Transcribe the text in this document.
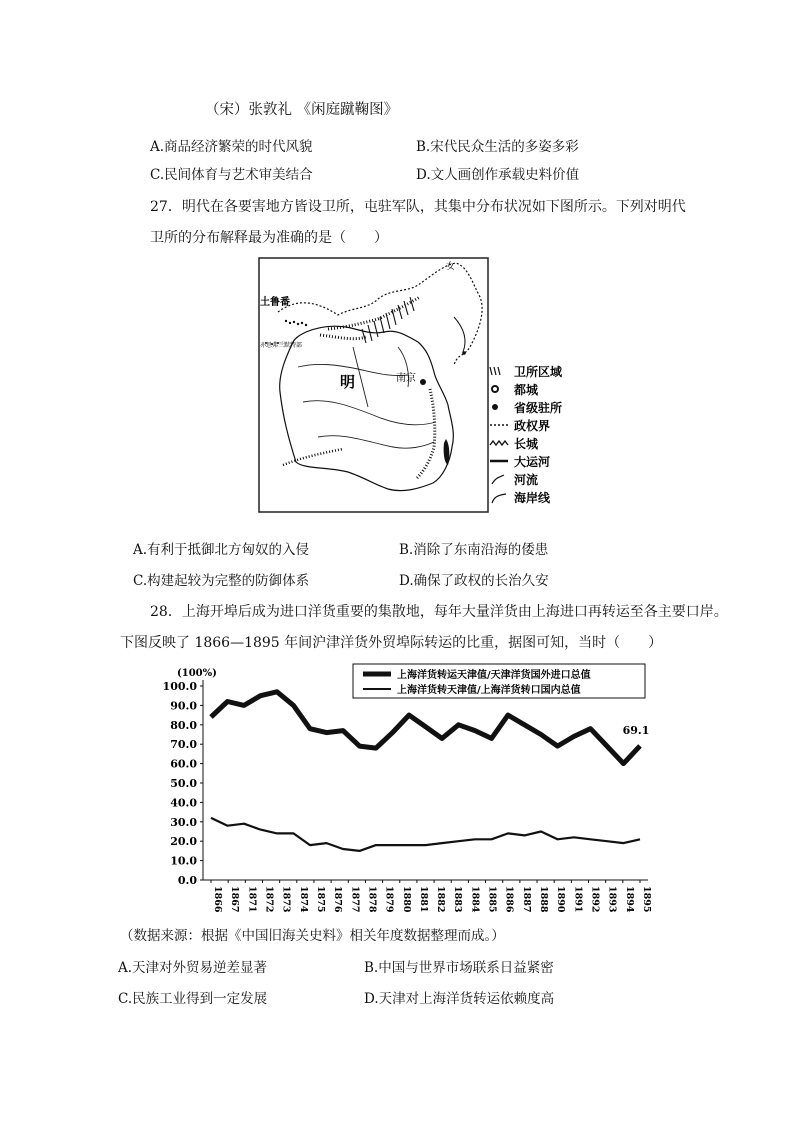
（宋）张敦礼 《闲庭蹴鞠图》
A.商品经济繁荣的时代风貌	B.宋代民众生活的多姿多彩
C.民间体育与艺术审美结合	D.文人画创作承载史料价值
27．明代在各要害地方皆设卫所，屯驻军队，其集中分布状况如下图所示。下列对明代
卫所的分布解释最为准确的是（　　）
土鲁番
亦思弗兰默特部
明	南京
女
卫所区域
都城
省级驻所
政权界
长城
大运河
河流
海岸线
A.有利于抵御北方匈奴的入侵	B.消除了东南沿海的倭患
C.构建起较为完整的防御体系	D.确保了政权的长治久安
28．上海开埠后成为进口洋货重要的集散地，每年大量洋货由上海进口再转运至各主要口岸。
下图反映了 1866—1895 年间沪津洋货外贸埠际转运的比重，据图可知，当时（　　）
(100%)
100.0
90.0
80.0
70.0
60.0
50.0
40.0
30.0
20.0
10.0
0.0
1866 1867 1871 1872 1873 1874 1875 1876 1877 1878 1879 1880 1881 1882 1883 1884 1885 1886 1887 1888 1890 1891 1892 1893 1894 1895
69.1
上海洋货转运天津值/天津洋货国外进口总值
上海洋货转天津值/上海洋货转口国内总值
（数据来源：根据《中国旧海关史料》相关年度数据整理而成。）
A.天津对外贸易逆差显著	B.中国与世界市场联系日益紧密
C.民族工业得到一定发展	D.天津对上海洋货转运依赖度高
